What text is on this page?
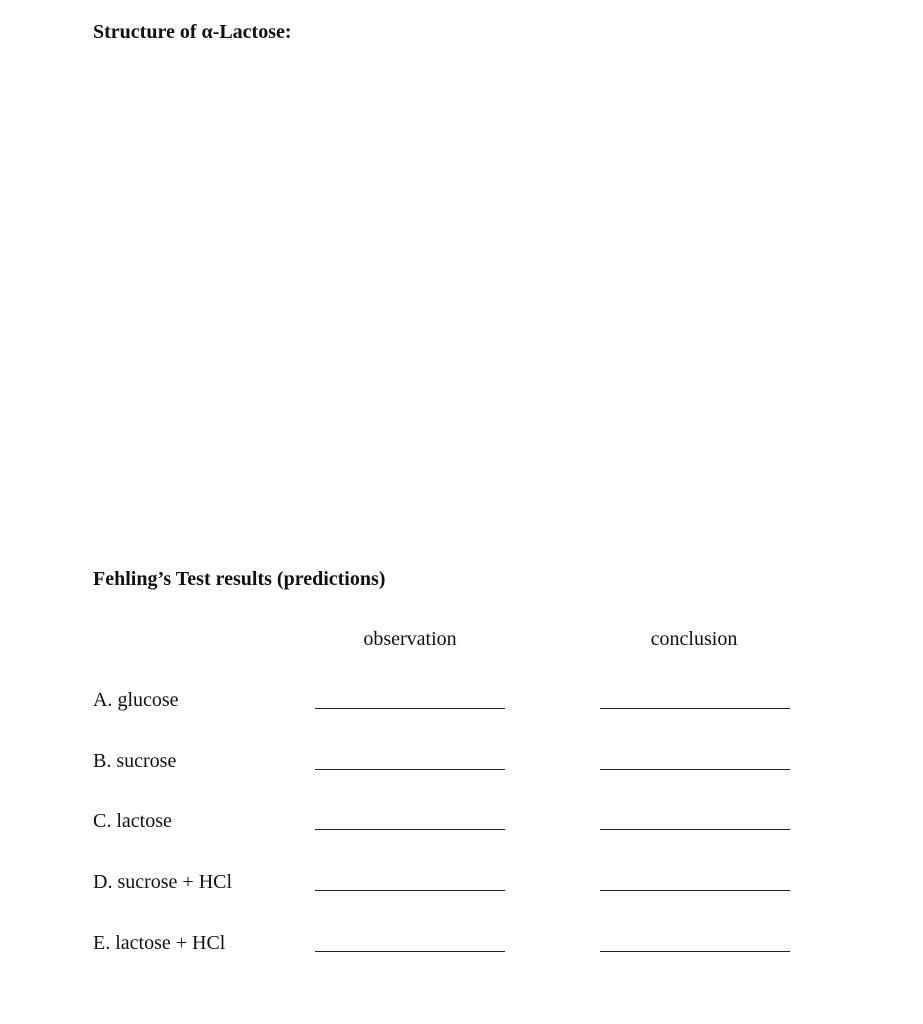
Structure of α-Lactose:
Fehling’s Test results (predictions)
observation	conclusion
A. glucose
B. sucrose
C. lactose
D. sucrose + HCl
E. lactose + HCl
